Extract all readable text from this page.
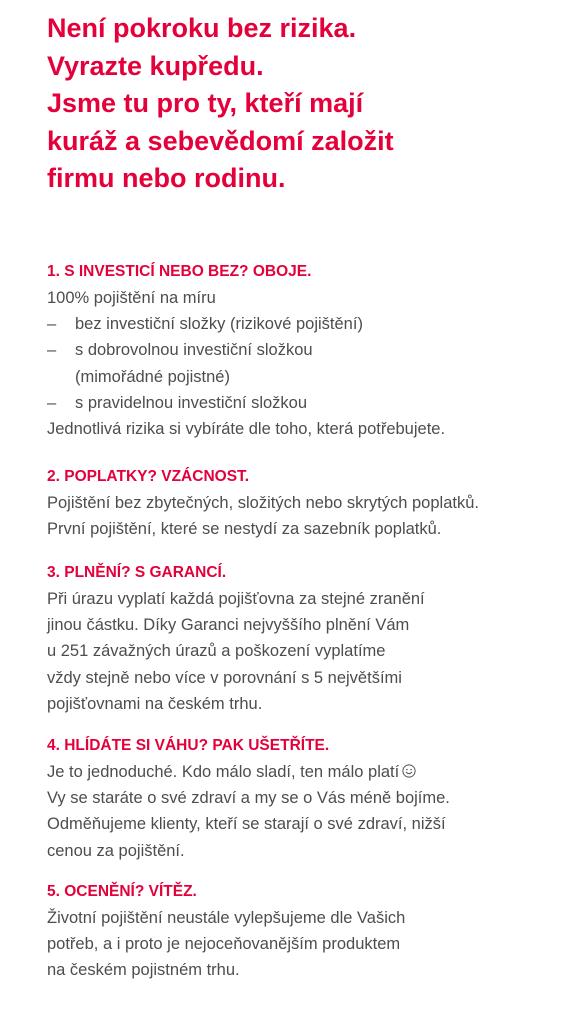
Není pokroku bez rizika.
Vyrazte kupředu.
Jsme tu pro ty, kteří mají
kuráž a sebevědomí založit
firmu nebo rodinu.
1. S INVESTICÍ NEBO BEZ? OBOJE.
100% pojištění na míru
–	bez investiční složky (rizikové pojištění)
–	s dobrovolnou investiční složkou
(mimořádné pojistné)
–	s pravidelnou investiční složkou
Jednotlivá rizika si vybíráte dle toho, která potřebujete.
2. POPLATKY? VZÁCNOST.
Pojištění bez zbytečných, složitých nebo skrytých poplatků.
První pojištění, které se nestydí za sazebník poplatků.
3. PLNĚNÍ? S GARANCÍ.
Při úrazu vyplatí každá pojišťovna za stejné zranění
jinou částku. Díky Garanci nejvyššího plnění Vám
u 251 závažných úrazů a poškození vyplatíme
vždy stejně nebo více v porovnání s 5 největšími
pojišťovnami na českém trhu.
4. HLÍDÁTE SI VÁHU? PAK UŠETŘÍTE.
Je to jednoduché. Kdo málo sladí, ten málo platí
Vy se staráte o své zdraví a my se o Vás méně bojíme.
Odměňujeme klienty, kteří se starají o své zdraví, nižší
cenou za pojištění.
5. OCENĚNÍ? VÍTĚZ.
Životní pojištění neustále vylepšujeme dle Vašich
potřeb, a i proto je nejoceňovanějším produktem
na českém pojistném trhu.
